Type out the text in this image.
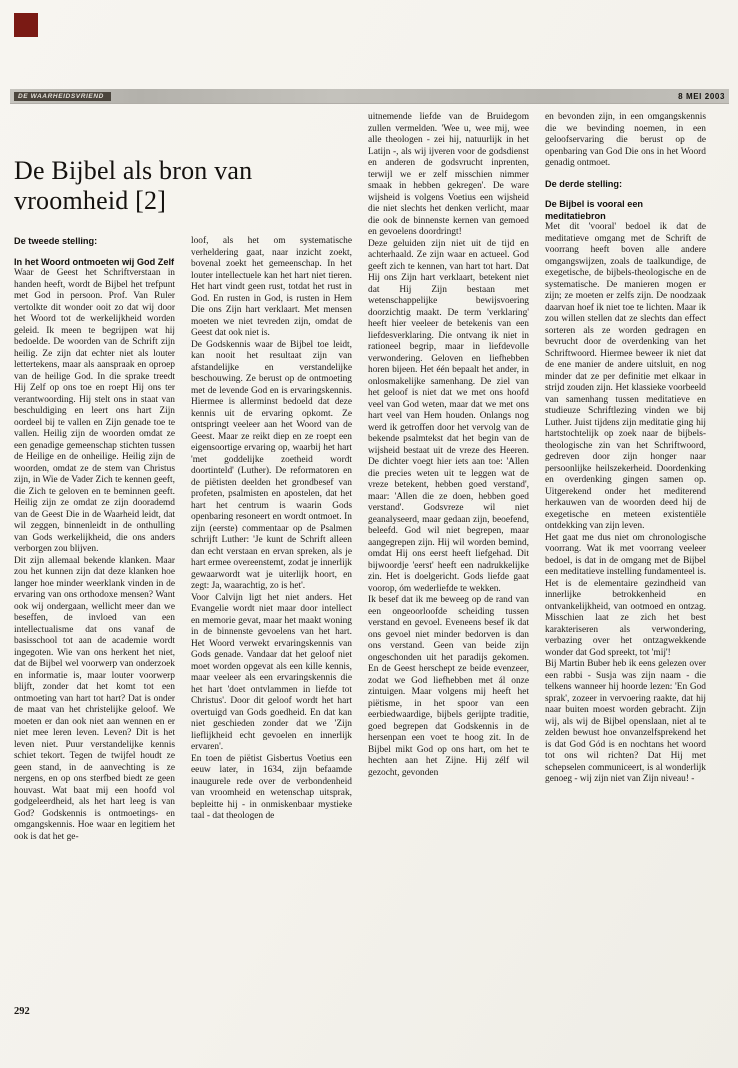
DE WAARHEIDSVRIEND	8 MEI 2003
De Bijbel als bron van vroomheid [2]

De tweede stelling:

In het Woord ontmoeten wij God Zelf

Waar de Geest het Schriftverstaan in handen heeft, wordt de Bijbel het trefpunt met God in persoon. Prof. Van Ruler vertolkte dit wonder ooit zo dat wij door het Woord tot de werkelijkheid worden geleid. Ik meen te begrijpen wat hij bedoelde. De woorden van de Schrift zijn heilig. Ze zijn dat echter niet als louter lettertekens, maar als aanspraak en oproep van de heilige God. In die sprake treedt Hij Zelf op ons toe en roept Hij ons ter verantwoording. Hij stelt ons in staat van beschuldiging en leert ons hart Zijn oordeel bij te vallen en Zijn genade toe te vallen. Heilig zijn de woorden omdat ze een genadige gemeenschap stichten tussen de Heilige en de onheilige. Heilig zijn de woorden, omdat ze de stem van Christus zijn, in Wie de Vader Zich te kennen geeft, die Zich te geloven en te beminnen geeft. Heilig zijn ze omdat ze zijn doorademd van de Geest Die in de Waarheid leidt, dat wil zeggen, binnenleidt in de onthulling van Gods werkelijkheid, die ons anders verborgen zou blijven.

Dit zijn allemaal bekende klanken. Maar zou het kunnen zijn dat deze klanken hoe langer hoe minder weerklank vinden in de ervaring van ons orthodoxe mensen? Want ook wij ondergaan, wellicht meer dan we beseffen, de invloed van een intellectualisme dat ons vanaf de basisschool tot aan de academie wordt ingegoten. Wie van ons herkent het niet, dat de Bijbel wel voorwerp van onderzoek en informatie is, maar louter voorwerp blijft, zonder dat het komt tot een ontmoeting van hart tot hart? Dat is onder de maat van het christelijke geloof. We moeten er dan ook niet aan wennen en er niet mee leren leven. Leven? Dit is het leven niet. Puur verstandelijke kennis schiet tekort. Tegen de twijfel houdt ze geen stand, in de aanvechting is ze nergens, en op ons sterfbed biedt ze geen houvast. Wat baat mij een hoofd vol godgeleerdheid, als het hart leeg is van God? Godskennis is ontmoetings- en omgangskennis. Hoe waar en legitiem het ook is dat het ge-

loof, als het om systematische verheldering gaat, naar inzicht zoekt, bovenal zoekt het gemeenschap. In het louter intellectuele kan het hart niet tieren. Het hart vindt geen rust, totdat het rust in God. En rusten in God, is rusten in Hem Die ons Zijn hart verklaart. Met mensen moeten we niet tevreden zijn, omdat de Geest dat ook niet is.

De Godskennis waar de Bijbel toe leidt, kan nooit het resultaat zijn van afstandelijke en verstandelijke beschouwing. Ze berust op de ontmoeting met de levende God en is ervaringskennis. Hiermee is allerminst bedoeld dat deze kennis uit de ervaring opkomt. Ze ontspringt veeleer aan het Woord van de Geest. Maar ze reikt diep en ze roept een eigensoortige ervaring op, waarbij het hart 'met goddelijke zoetheid wordt doortinteld' (Luther). De reformatoren en de piëtisten deelden het grondbesef van profeten, psalmisten en apostelen, dat het hart het centrum is waarin Gods openbaring resoneert en wordt ontmoet. In zijn (eerste) commentaar op de Psalmen schrijft Luther: 'Je kunt de Schrift alleen dan echt verstaan en ervan spreken, als je hart ermee overeenstemt, zodat je innerlijk gewaarwordt wat je uiterlijk hoort, en zegt: Ja, waarachtig, zo is het'.

Voor Calvijn ligt het niet anders. Het Evangelie wordt niet maar door intellect en memorie gevat, maar het maakt woning in de binnenste gevoelens van het hart. Het Woord verwekt ervaringskennis van Gods genade. Vandaar dat het geloof niet moet worden opgevat als een kille kennis, maar veeleer als een ervaringskennis die het hart 'doet ontvlammen in liefde tot Christus'. Door dit geloof wordt het hart overtuigd van Gods goedheid. En dat kan niet geschieden zonder dat we 'Zijn lieflijkheid echt gevoelen en innerlijk ervaren'.

En toen de piëtist Gisbertus Voetius een eeuw later, in 1634, zijn befaamde inaugurele rede over de verbondenheid van vroomheid en wetenschap uitsprak, bepleitte hij - in onmiskenbaar mystieke taal - dat theologen de

uitnemende liefde van de Bruidegom zullen vermelden. 'Wee u, wee mij, wee alle theologen - zei hij, natuurlijk in het Latijn -, als wij ijveren voor de godsdienst en anderen de godsvrucht inprenten, terwijl we er zelf misschien nimmer smaak in hebben gekregen'. De ware wijsheid is volgens Voetius een wijsheid die niet slechts het denken verlicht, maar die ook de binnenste kernen van gemoed en gevoelens doordringt!

Deze geluiden zijn niet uit de tijd en achterhaald. Ze zijn waar en actueel. God geeft zich te kennen, van hart tot hart. Dat Hij ons Zijn hart verklaart, betekent niet dat Hij Zijn bestaan met wetenschappelijke bewijsvoering doorzichtig maakt. De term 'verklaring' heeft hier veeleer de betekenis van een liefdesverklaring. Die ontvang ik niet in rationeel begrip, maar in liefdevolle verwondering. Geloven en liefhebben horen bijeen. Het één bepaalt het ander, in onlosmakelijke samenhang. De ziel van het geloof is niet dat we met ons hoofd veel van God weten, maar dat we met ons hart veel van Hem houden. Onlangs nog werd ik getroffen door het vervolg van de bekende psalmtekst dat het begin van de wijsheid bestaat uit de vreze des Heeren. De dichter voegt hier iets aan toe: 'Allen die precies weten uit te leggen wat de vreze betekent, hebben goed verstand', maar: 'Allen die ze doen, hebben goed verstand'. Godsvreze wil niet geanalyseerd, maar gedaan zijn, beoefend, beleefd. God wil niet begrepen, maar aangegrepen zijn. Hij wil worden bemind, omdat Hij ons eerst heeft liefgehad. Dit bijwoordje 'eerst' heeft een nadrukkelijke zin. Het is doelgericht. Gods liefde gaat voorop, óm wederliefde te wekken.

Ik besef dat ik me beweeg op de rand van een ongeoorloofde scheiding tussen verstand en gevoel. Eveneens besef ik dat ons gevoel niet minder bedorven is dan ons verstand. Geen van beide zijn ongeschonden uit het paradijs gekomen. En de Geest herschept ze beide evenzeer, zodat we God liefhebben met ál onze zintuigen. Maar volgens mij heeft het piëtisme, in het spoor van een eerbiedwaardige, bijbels gerijpte traditie, goed begrepen dat Godskennis in de hersenpan een voet te hoog zit. In de Bijbel mikt God op ons hart, om het te hechten aan het Zijne. Hij zélf wil gezocht, gevonden

en bevonden zijn, in een omgangskennis die we bevinding noemen, in een geloofservaring die berust op de openbaring van God Die ons in het Woord genadig ontmoet.

De derde stelling:

De Bijbel is vooral een meditatiebron

Met dit 'vooral' bedoel ik dat de meditatieve omgang met de Schrift de voorrang heeft boven alle andere omgangswijzen, zoals de taalkundige, de exegetische, de bijbels-theologische en de systematische. De manieren mogen er zijn; ze moeten er zelfs zijn. De noodzaak daarvan hoef ik niet toe te lichten. Maar ik zou willen stellen dat ze slechts dan effect sorteren als ze worden gedragen en bevrucht door de overdenking van het Schriftwoord. Hiermee beweer ik niet dat de ene manier de andere uitsluit, en nog minder dat ze per definitie met elkaar in strijd zouden zijn. Het klassieke voorbeeld van samenhang tussen meditatieve en studieuze Schriftlezing vinden we bij Luther. Juist tijdens zijn meditatie ging hij hartstochtelijk op zoek naar de bijbels-theologische zin van het Schriftwoord, gedreven door zijn honger naar persoonlijke heilszekerheid. Doordenking en overdenking gingen samen op. Uitgerekend onder het mediterend herkauwen van de woorden deed hij de exegetische en meteen existentiële ontdekking van zijn leven.

Het gaat me dus niet om chronologische voorrang. Wat ik met voorrang veeleer bedoel, is dat in de omgang met de Bijbel een meditatieve instelling fundamenteel is. Het is de elementaire gezindheid van innerlijke betrokkenheid en ontvankelijkheid, van ootmoed en ontzag. Misschien laat ze zich het best karakteriseren als verwondering, verbazing over het ontzagwekkende wonder dat God spreekt, tot 'mij'!

Bij Martin Buber heb ik eens gelezen over een rabbi - Susja was zijn naam - die telkens wanneer hij hoorde lezen: 'En God sprak', zozeer in vervoering raakte, dat hij naar buiten moest worden gebracht. Zijn wij, als wij de Bijbel openslaan, niet al te zelden bewust hoe onvanzelfsprekend het is dat God Gód is en nochtans het woord tot ons wil richten? Dat Hij met schepselen communiceert, is al wonderlijk genoeg - wij zijn niet van Zijn niveau! -

292
